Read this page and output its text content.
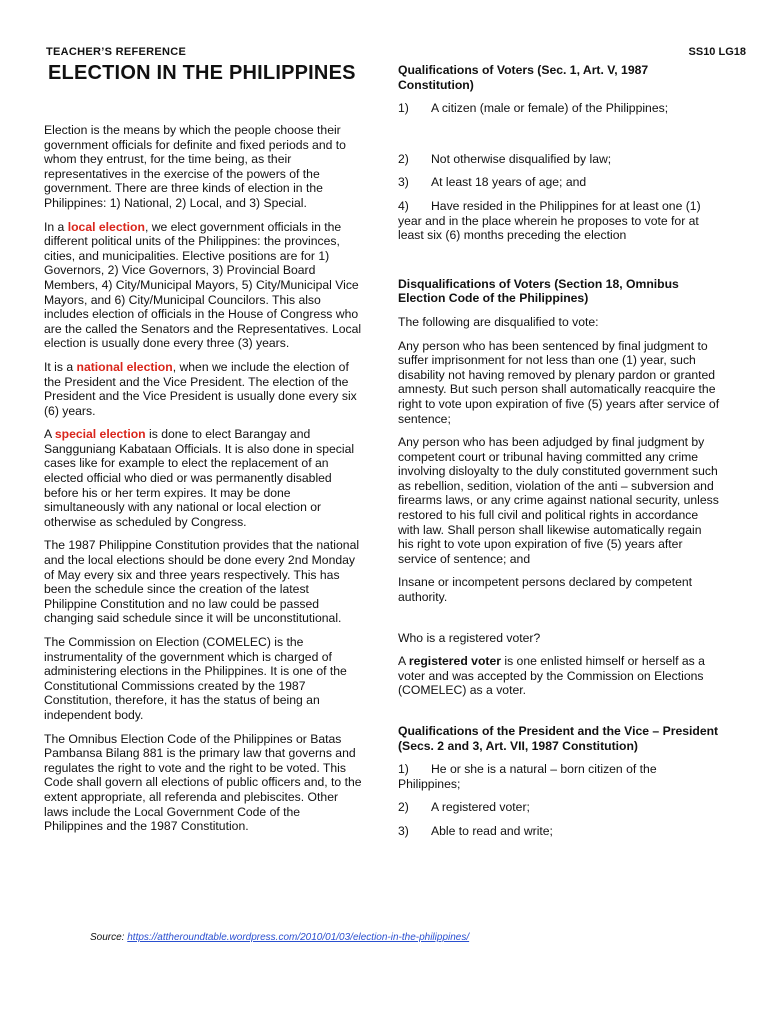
TEACHER’S REFERENCE	SS10 LG18
ELECTION IN THE PHILIPPINES

Election is the means by which the people choose their government officials for definite and fixed periods and to whom they entrust, for the time being, as their representatives in the exercise of the powers of the government. There are three kinds of election in the Philippines: 1) National, 2) Local, and 3) Special.

In a local election, we elect government officials in the different political units of the Philippines: the provinces, cities, and municipalities. Elective positions are for 1) Governors, 2) Vice Governors, 3) Provincial Board Members, 4) City/Municipal Mayors, 5) City/Municipal Vice Mayors, and 6) City/Municipal Councilors. This also includes election of officials in the House of Congress who are the called the Senators and the Representatives. Local election is usually done every three (3) years.

It is a national election, when we include the election of the President and the Vice President. The election of the President and the Vice President is usually done every six (6) years.

A special election is done to elect Barangay and Sangguniang Kabataan Officials. It is also done in special cases like for example to elect the replacement of an elected official who died or was permanently disabled before his or her term expires. It may be done simultaneously with any national or local election or otherwise as scheduled by Congress.

The 1987 Philippine Constitution provides that the national and the local elections should be done every 2nd Monday of May every six and three years respectively. This has been the schedule since the creation of the latest Philippine Constitution and no law could be passed changing said schedule since it will be unconstitutional.

The Commission on Election (COMELEC) is the instrumentality of the government which is charged of administering elections in the Philippines. It is one of the Constitutional Commissions created by the 1987 Constitution, therefore, it has the status of being an independent body.

The Omnibus Election Code of the Philippines or Batas Pambansa Bilang 881 is the primary law that governs and regulates the right to vote and the right to be voted. This Code shall govern all elections of public officers and, to the extent appropriate, all referenda and plebiscites. Other laws include the Local Government Code of the Philippines and the 1987 Constitution.

Qualifications of Voters (Sec. 1, Art. V, 1987 Constitution)
1) A citizen (male or female) of the Philippines;
2) Not otherwise disqualified by law;
3) At least 18 years of age; and
4) Have resided in the Philippines for at least one (1) year and in the place wherein he proposes to vote for at least six (6) months preceding the election
Disqualifications of Voters (Section 18, Omnibus Election Code of the Philippines)

The following are disqualified to vote:

Any person who has been sentenced by final judgment to suffer imprisonment for not less than one (1) year, such disability not having removed by plenary pardon or granted amnesty. But such person shall automatically reacquire the right to vote upon expiration of five (5) years after service of sentence;

Any person who has been adjudged by final judgment by competent court or tribunal having committed any crime involving disloyalty to the duly constituted government such as rebellion, sedition, violation of the anti – subversion and firearms laws, or any crime against national security, unless restored to his full civil and political rights in accordance with law. Shall person shall likewise automatically regain his right to vote upon expiration of five (5) years after service of sentence; and

Insane or incompetent persons declared by competent authority.

Who is a registered voter?

A registered voter is one enlisted himself or herself as a voter and was accepted by the Commission on Elections (COMELEC) as a voter.

Qualifications of the President and the Vice – President (Secs. 2 and 3, Art. VII, 1987 Constitution)
1) He or she is a natural – born citizen of the Philippines;
2) A registered voter;
3) Able to read and write;
Source: https://attheroundtable.wordpress.com/2010/01/03/election-in-the-philippines/
